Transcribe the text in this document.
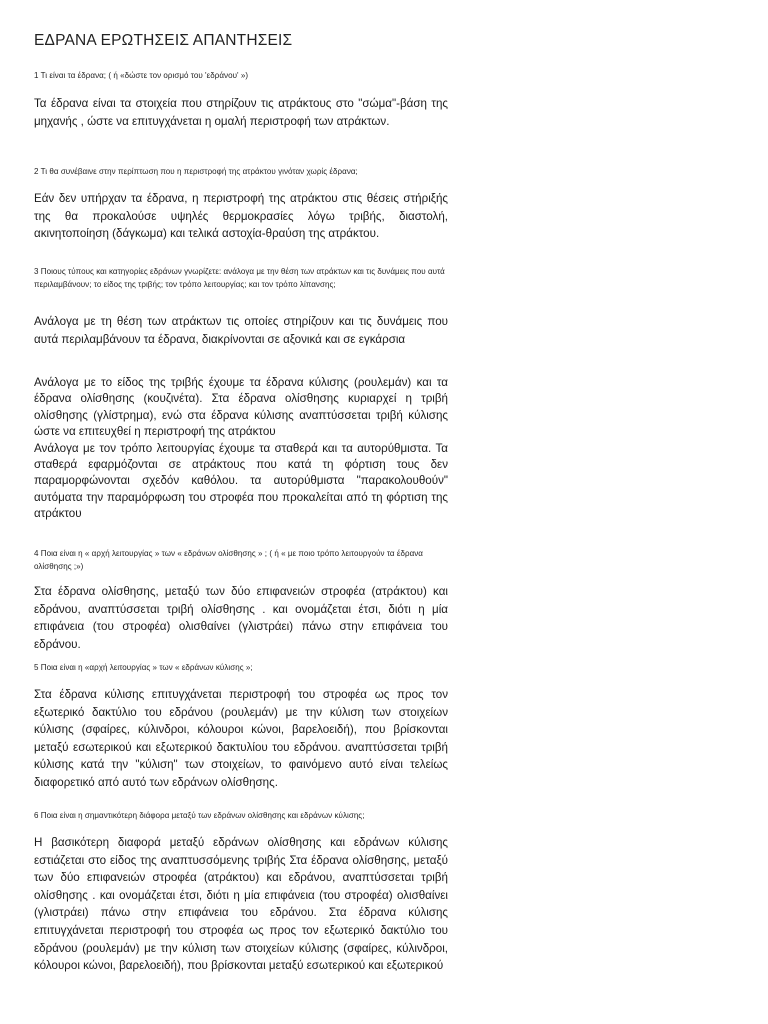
ΕΔΡΑΝΑ ΕΡΩΤΗΣΕΙΣ ΑΠΑΝΤΗΣΕΙΣ
1 Τι είναι τα έδρανα; ( ή «δώστε τον ορισμό του 'εδράνου' »)

Τα έδρανα είναι τα στοιχεία που στηρίζουν τις ατράκτους στο "σώμα"-βάση της μηχανής , ώστε να επιτυγχάνεται η ομαλή περιστροφή των ατράκτων.

2 Τι θα συνέβαινε στην περίπτωση που η περιστροφή της ατράκτου γινόταν χωρίς έδρανα;

Εάν δεν υπήρχαν τα έδρανα, η περιστροφή της ατράκτου στις θέσεις στήριξής της θα προκαλούσε υψηλές θερμοκρασίες λόγω τριβής, διαστολή, ακινητοποίηση (δάγκωμα) και τελικά αστοχία-θραύση της ατράκτου.

3 Ποιους τύπους και κατηγορίες εδράνων γνωρίζετε: ανάλογα με την θέση των ατράκτων και τις δυνάμεις που αυτά περιλαμβάνουν; το είδος της τριβής; τον τρόπο λειτουργίας; και τον τρόπο λίπανσης;

Ανάλογα με τη θέση των ατράκτων τις οποίες στηρίζουν και τις δυνάμεις που αυτά περιλαμβάνουν τα έδρανα, διακρίνονται σε αξονικά και σε εγκάρσια

Ανάλογα με το είδος της τριβής έχουμε τα έδρανα κύλισης (ρουλεμάν) και τα έδρανα ολίσθησης (κουζινέτα). Στα έδρανα ολίσθησης κυριαρχεί η τριβή ολίσθησης (γλίστρημα), ενώ στα έδρανα κύλισης αναπτύσσεται τριβή κύλισης ώστε να επιτευχθεί η περιστροφή της ατράκτου

Ανάλογα με τον τρόπο λειτουργίας έχουμε τα σταθερά και τα αυτορύθμιστα. Τα σταθερά εφαρμόζονται σε ατράκτους που κατά τη φόρτιση τους δεν παραμορφώνονται σχεδόν καθόλου. τα αυτορύθμιστα "παρακολουθούν" αυτόματα την παραμόρφωση του στροφέα που προκαλείται από τη φόρτιση της ατράκτου

4 Ποια είναι η « αρχή λειτουργίας » των « εδράνων ολίσθησης » ; ( ή « με ποιο τρόπο λειτουργούν τα έδρανα ολίσθησης ;»)

Στα έδρανα ολίσθησης, μεταξύ των δύο επιφανειών στροφέα (ατράκτου) και εδράνου, αναπτύσσεται τριβή ολίσθησης . και ονομάζεται έτσι, διότι η μία επιφάνεια (του στροφέα) ολισθαίνει (γλιστράει) πάνω στην επιφάνεια του εδράνου.

5 Ποια είναι η «αρχή λειτουργίας » των « εδράνων κύλισης »;

Στα έδρανα κύλισης επιτυγχάνεται περιστροφή του στροφέα ως προς τον εξωτερικό δακτύλιο του εδράνου (ρουλεμάν) με την κύλιση των στοιχείων κύλισης (σφαίρες, κύλινδροι, κόλουροι κώνοι, βαρελοειδή), που βρίσκονται μεταξύ εσωτερικού και εξωτερικού δακτυλίου του εδράνου. αναπτύσσεται τριβή κύλισης κατά την "κύλιση" των στοιχείων, το φαινόμενο αυτό είναι τελείως διαφορετικό από αυτό των εδράνων ολίσθησης.

6 Ποια είναι η σημαντικότερη διάφορα μεταξύ των εδράνων ολίσθησης και εδράνων κύλισης;

Η βασικότερη διαφορά μεταξύ εδράνων ολίσθησης και εδράνων κύλισης εστιάζεται στο είδος της αναπτυσσόμενης τριβής Στα έδρανα ολίσθησης, μεταξύ των δύο επιφανειών στροφέα (ατράκτου) και εδράνου, αναπτύσσεται τριβή ολίσθησης . και ονομάζεται έτσι, διότι η μία επιφάνεια (του στροφέα) ολισθαίνει (γλιστράει) πάνω στην επιφάνεια του εδράνου. Στα έδρανα κύλισης επιτυγχάνεται περιστροφή του στροφέα ως προς τον εξωτερικό δακτύλιο του εδράνου (ρουλεμάν) με την κύλιση των στοιχείων κύλισης (σφαίρες, κύλινδροι, κόλουροι κώνοι, βαρελοειδή), που βρίσκονται μεταξύ εσωτερικού και εξωτερικού
